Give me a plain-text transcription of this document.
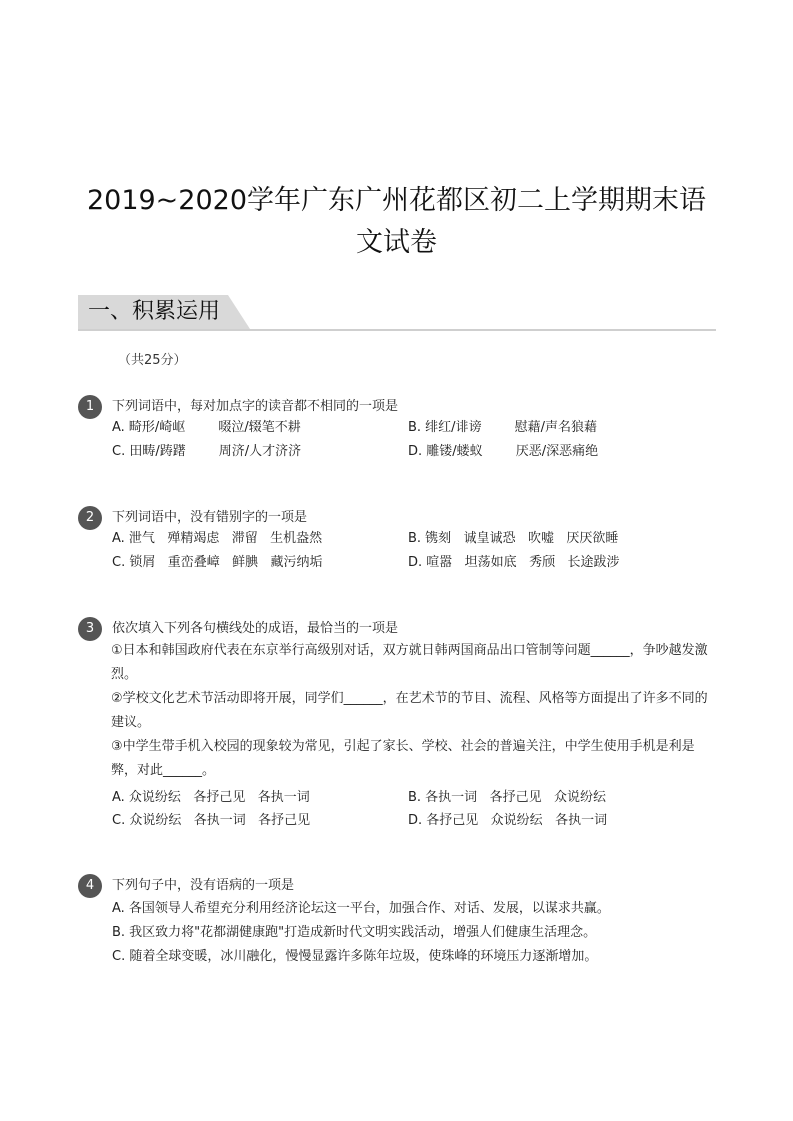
2019~2020学年广东广州花都区初二上学期期末语
文试卷
一、积累运用
（共25分）
1	下列词语中，每对加点字的读音都不相同的一项是
A. 畸形/崎岖        啜泣/辍笔不耕	B. 绯红/诽谤        慰藉/声名狼藉
C. 田畴/踌躇        周济/人才济济	D. 雕镂/蝼蚁        厌恶/深恶痛绝
2	下列词语中，没有错别字的一项是
A. 泄气   殚精竭虑   滞留   生机盎然	B. 镌刻   诚皇诚恐   吹嘘   厌厌欲睡
C. 锁屑   重峦叠嶂   鲜腆   藏污纳垢	D. 喧嚣   坦荡如底   秀颀   长途跋涉
3	依次填入下列各句横线处的成语，最恰当的一项是
①日本和韩国政府代表在东京举行高级别对话，双方就日韩两国商品出口管制等问题______，争吵越发激烈。
②学校文化艺术节活动即将开展，同学们______，在艺术节的节目、流程、风格等方面提出了许多不同的建议。
③中学生带手机入校园的现象较为常见，引起了家长、学校、社会的普遍关注，中学生使用手机是利是弊，对此______。
A. 众说纷纭   各抒己见   各执一词	B. 各执一词   各抒己见   众说纷纭
C. 众说纷纭   各执一词   各抒己见	D. 各抒己见   众说纷纭   各执一词
4	下列句子中，没有语病的一项是
A. 各国领导人希望充分利用经济论坛这一平台，加强合作、对话、发展，以谋求共赢。
B. 我区致力将"花都湖健康跑"打造成新时代文明实践活动，增强人们健康生活理念。
C. 随着全球变暖，冰川融化，慢慢显露许多陈年垃圾，使珠峰的环境压力逐渐增加。
